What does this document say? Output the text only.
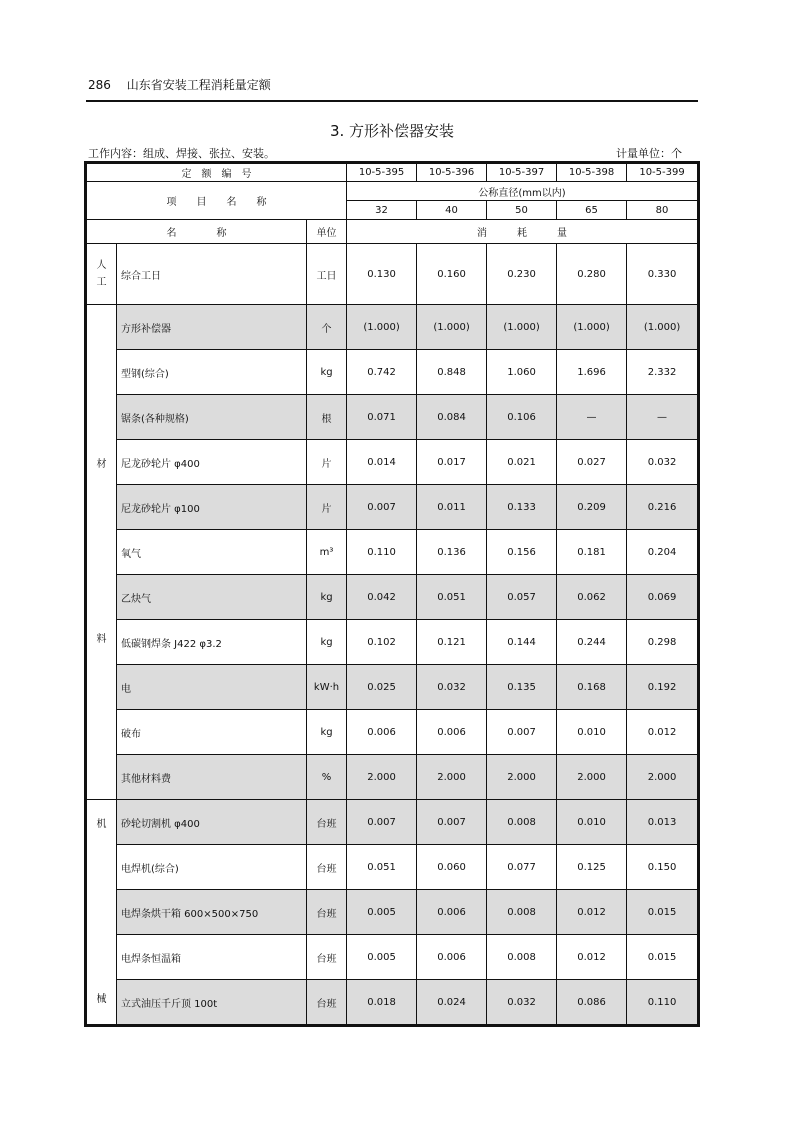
286 山东省安装工程消耗量定额
3. 方形补偿器安装
工作内容：组成、焊接、张拉、安装。	计量单位：个
定　额　编　号			10-5-395	10-5-396	10-5-397	10-5-398	10-5-399
项　　目　　名　　称			公称直径(mm以内)				
			32	40	50	65	80
名　　　　称		单位	消　　　耗　　　量				

人
工	综合工日	工日	0.130	0.160	0.230	0.280	0.330

材
料	方形补偿器	个	(1.000)	(1.000)	(1.000)	(1.000)	(1.000)
	型钢(综合)	kg	0.742	0.848	1.060	1.696	2.332
	锯条(各种规格)	根	0.071	0.084	0.106	—	—
	尼龙砂轮片 φ400	片	0.014	0.017	0.021	0.027	0.032
	尼龙砂轮片 φ100	片	0.007	0.011	0.133	0.209	0.216
	氧气	m³	0.110	0.136	0.156	0.181	0.204
	乙炔气	kg	0.042	0.051	0.057	0.062	0.069
	低碳钢焊条 J422 φ3.2	kg	0.102	0.121	0.144	0.244	0.298
	电	kW·h	0.025	0.032	0.135	0.168	0.192
	破布	kg	0.006	0.006	0.007	0.010	0.012
	其他材料费	%	2.000	2.000	2.000	2.000	2.000

机
械	砂轮切割机 φ400	台班	0.007	0.007	0.008	0.010	0.013
	电焊机(综合)	台班	0.051	0.060	0.077	0.125	0.150
	电焊条烘干箱 600×500×750	台班	0.005	0.006	0.008	0.012	0.015
	电焊条恒温箱	台班	0.005	0.006	0.008	0.012	0.015
	立式油压千斤顶 100t	台班	0.018	0.024	0.032	0.086	0.110
